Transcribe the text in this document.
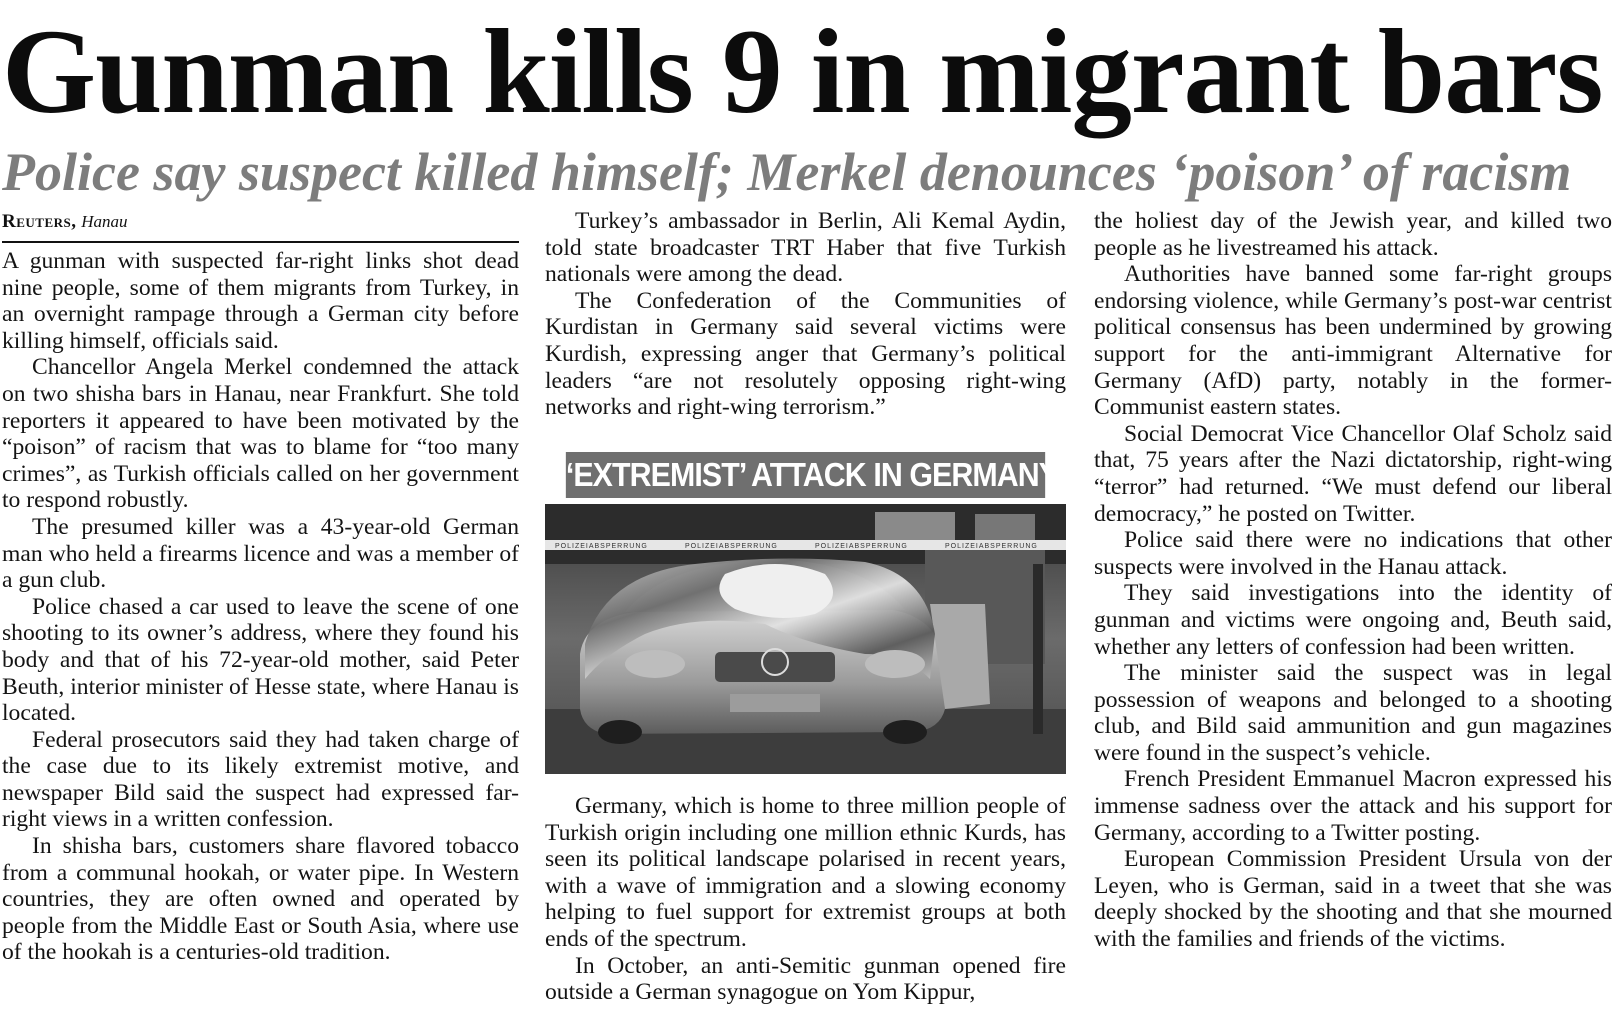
Gunman kills 9 in migrant bars
Police say suspect killed himself; Merkel denounces ‘poison’ of racism
Reuters, Hanau

A gunman with suspected far-right links shot dead nine people, some of them migrants from Turkey, in an overnight rampage through a German city before killing himself, officials said.

Chancellor Angela Merkel condemned the attack on two shisha bars in Hanau, near Frankfurt. She told reporters it appeared to have been motivated by the “poison” of racism that was to blame for “too many crimes”, as Turkish officials called on her government to respond robustly.

The presumed killer was a 43-year-old German man who held a firearms licence and was a member of a gun club.

Police chased a car used to leave the scene of one shooting to its owner’s address, where they found his body and that of his 72-year-old mother, said Peter Beuth, interior minister of Hesse state, where Hanau is located.

Federal prosecutors said they had taken charge of the case due to its likely extremist motive, and newspaper Bild said the suspect had expressed far-right views in a written confession.

In shisha bars, customers share flavored tobacco from a communal hookah, or water pipe. In Western countries, they are often owned and operated by people from the Middle East or South Asia, where use of the hookah is a centuries-old tradition.

Turkey’s ambassador in Berlin, Ali Kemal Aydin, told state broadcaster TRT Haber that five Turkish nationals were among the dead.

The Confederation of the Communities of Kurdistan in Germany said several victims were Kurdish, expressing anger that Germany’s political leaders “are not resolutely opposing right-wing networks and right-wing terrorism.”

‘EXTREMIST’ ATTACK IN GERMANY
POLIZEIABSPERRUNG	POLIZEIABSPERRUNG	POLIZEIABSPERRUNG	POLIZEIABSPERRUNG

Germany, which is home to three million people of Turkish origin including one million ethnic Kurds, has seen its political landscape polarised in recent years, with a wave of immigration and a slowing economy helping to fuel support for extremist groups at both ends of the spectrum.

In October, an anti-Semitic gunman opened fire outside a German synagogue on Yom Kippur,

the holiest day of the Jewish year, and killed two people as he livestreamed his attack.

Authorities have banned some far-right groups endorsing violence, while Germany’s post-war centrist political consensus has been undermined by growing support for the anti-immigrant Alternative for Germany (AfD) party, notably in the former-Communist eastern states.

Social Democrat Vice Chancellor Olaf Scholz said that, 75 years after the Nazi dictatorship, right-wing “terror” had returned. “We must defend our liberal democracy,” he posted on Twitter.

Police said there were no indications that other suspects were involved in the Hanau attack.

They said investigations into the identity of gunman and victims were ongoing and, Beuth said, whether any letters of confession had been written.

The minister said the suspect was in legal possession of weapons and belonged to a shooting club, and Bild said ammunition and gun magazines were found in the suspect’s vehicle.

French President Emmanuel Macron expressed his immense sadness over the attack and his support for Germany, according to a Twitter posting.

European Commission President Ursula von der Leyen, who is German, said in a tweet that she was deeply shocked by the shooting and that she mourned with the families and friends of the victims.
